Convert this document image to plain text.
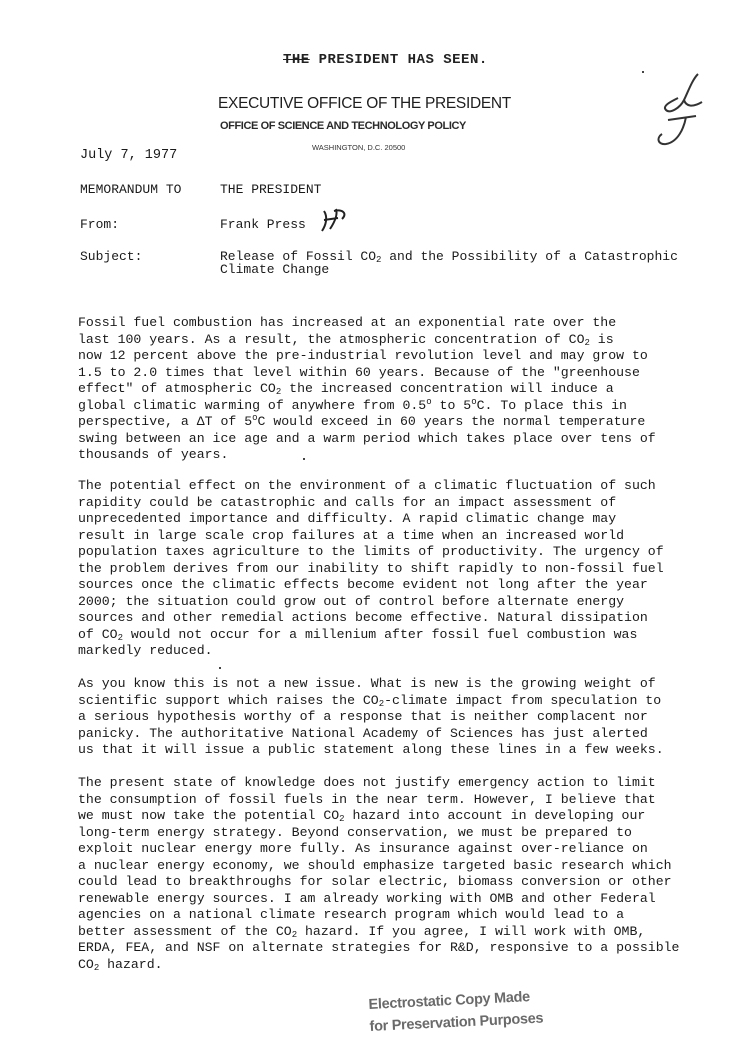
THE PRESIDENT HAS SEEN.
EXECUTIVE OFFICE OF THE PRESIDENT
OFFICE OF SCIENCE AND TECHNOLOGY POLICY
WASHINGTON, D.C. 20500
July 7, 1977
MEMORANDUM TO	THE PRESIDENT
From:	Frank Press
Subject:	Release of Fossil $CO_2$ and the Possibility of a Catastrophic
Climate Change
Fossil fuel combustion has increased at an exponential rate over the
last 100 years. As a result, the atmospheric concentration of $CO_2$ is
now 12 percent above the pre-industrial revolution level and may grow to
1.5 to 2.0 times that level within 60 years. Because of the "greenhouse
effect" of atmospheric $CO_2$ the increased concentration will induce a
global climatic warming of anywhere from 0.5$^o$ to 5$^o$C. To place this in
perspective, a ΔT of 5$^o$C would exceed in 60 years the normal temperature
swing between an ice age and a warm period which takes place over tens of
thousands of years.
The potential effect on the environment of a climatic fluctuation of such
rapidity could be catastrophic and calls for an impact assessment of
unprecedented importance and difficulty. A rapid climatic change may
result in large scale crop failures at a time when an increased world
population taxes agriculture to the limits of productivity. The urgency of
the problem derives from our inability to shift rapidly to non-fossil fuel
sources once the climatic effects become evident not long after the year
2000; the situation could grow out of control before alternate energy
sources and other remedial actions become effective. Natural dissipation
of $CO_2$ would not occur for a millenium after fossil fuel combustion was
markedly reduced.
As you know this is not a new issue. What is new is the growing weight of
scientific support which raises the $CO_2$-climate impact from speculation to
a serious hypothesis worthy of a response that is neither complacent nor
panicky. The authoritative National Academy of Sciences has just alerted
us that it will issue a public statement along these lines in a few weeks.
The present state of knowledge does not justify emergency action to limit
the consumption of fossil fuels in the near term. However, I believe that
we must now take the potential $CO_2$ hazard into account in developing our
long-term energy strategy. Beyond conservation, we must be prepared to
exploit nuclear energy more fully. As insurance against over-reliance on
a nuclear energy economy, we should emphasize targeted basic research which
could lead to breakthroughs for solar electric, biomass conversion or other
renewable energy sources. I am already working with OMB and other Federal
agencies on a national climate research program which would lead to a
better assessment of the $CO_2$ hazard. If you agree, I will work with OMB,
ERDA, FEA, and NSF on alternate strategies for R&D, responsive to a possible
$CO_2$ hazard.
Electrostatic Copy Made
for Preservation Purposes
